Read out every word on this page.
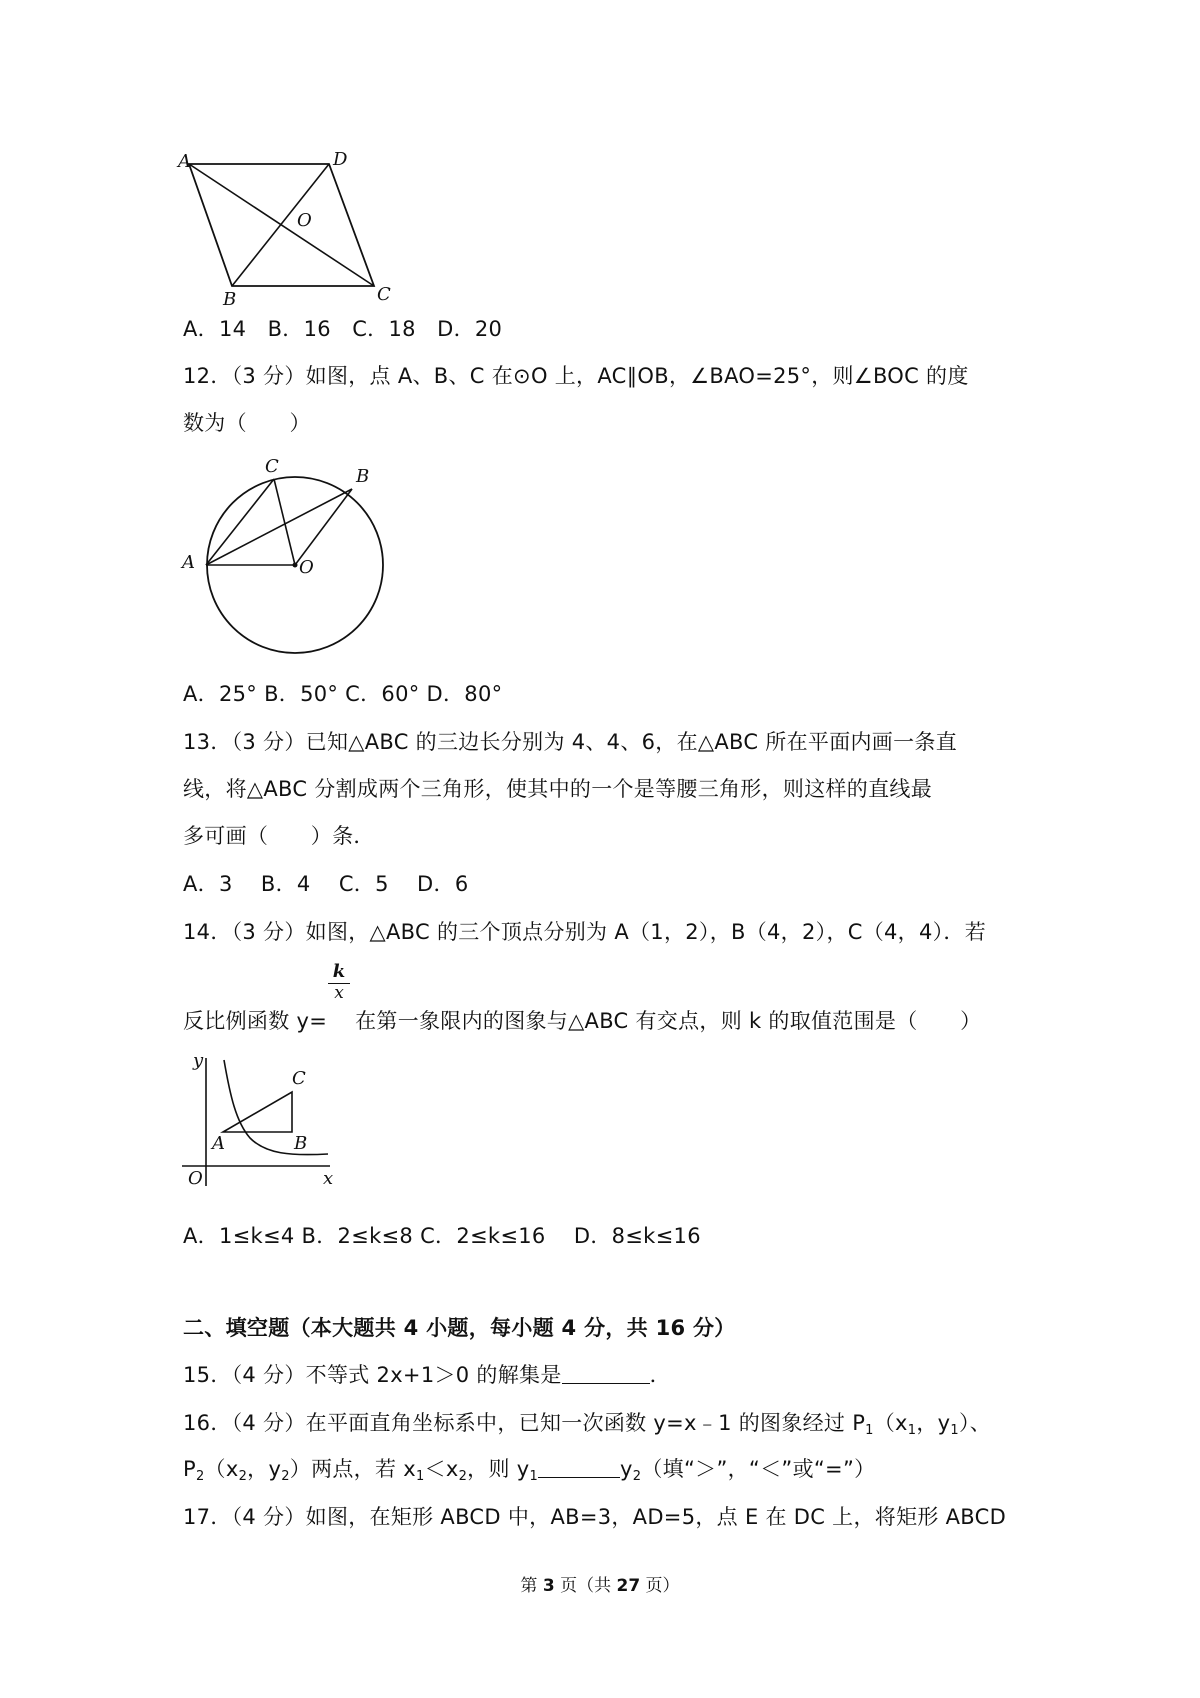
A	D
O
B	C
A．14　B．16　C．18　D．20
12．（3 分）如图，点 A、B、C 在⊙O 上，AC∥OB，∠BAO=25°，则∠BOC 的度
数为（　　）
C	B
A	O
A．25° B．50° C．60° D．80°
13．（3 分）已知△ABC 的三边长分别为 4、4、6，在△ABC 所在平面内画一条直
线，将△ABC 分割成两个三角形，使其中的一个是等腰三角形，则这样的直线最
多可画（　　）条．
A．3　 B．4　 C．5　 D．6
14．（3 分）如图，△ABC 的三个顶点分别为 A（1，2），B（4，2），C（4，4）．若
k
x
反比例函数 y= 在第一象限内的图象与△ABC 有交点，则 k 的取值范围是（　　）
y
x
O
A	B
C
A．1≤k≤4 B．2≤k≤8 C．2≤k≤16　 D．8≤k≤16
二、填空题（本大题共 4 小题，每小题 4 分，共 16 分）
15．（4 分）不等式 2x+1＞0 的解集是	．
16．（4 分）在平面直角坐标系中，已知一次函数 y=x﹣1 的图象经过 $P_1(x_1$，$y_1$）、
$P_2(x_2$，$y_2$）两点，若 $x_1<x_2$，则 $y_1$	$y_2$（填“＞”，“＜”或“=”）
17．（4 分）如图，在矩形 ABCD 中，AB=3，AD=5，点 E 在 DC 上，将矩形 ABCD
第 3 页（共 27 页）
